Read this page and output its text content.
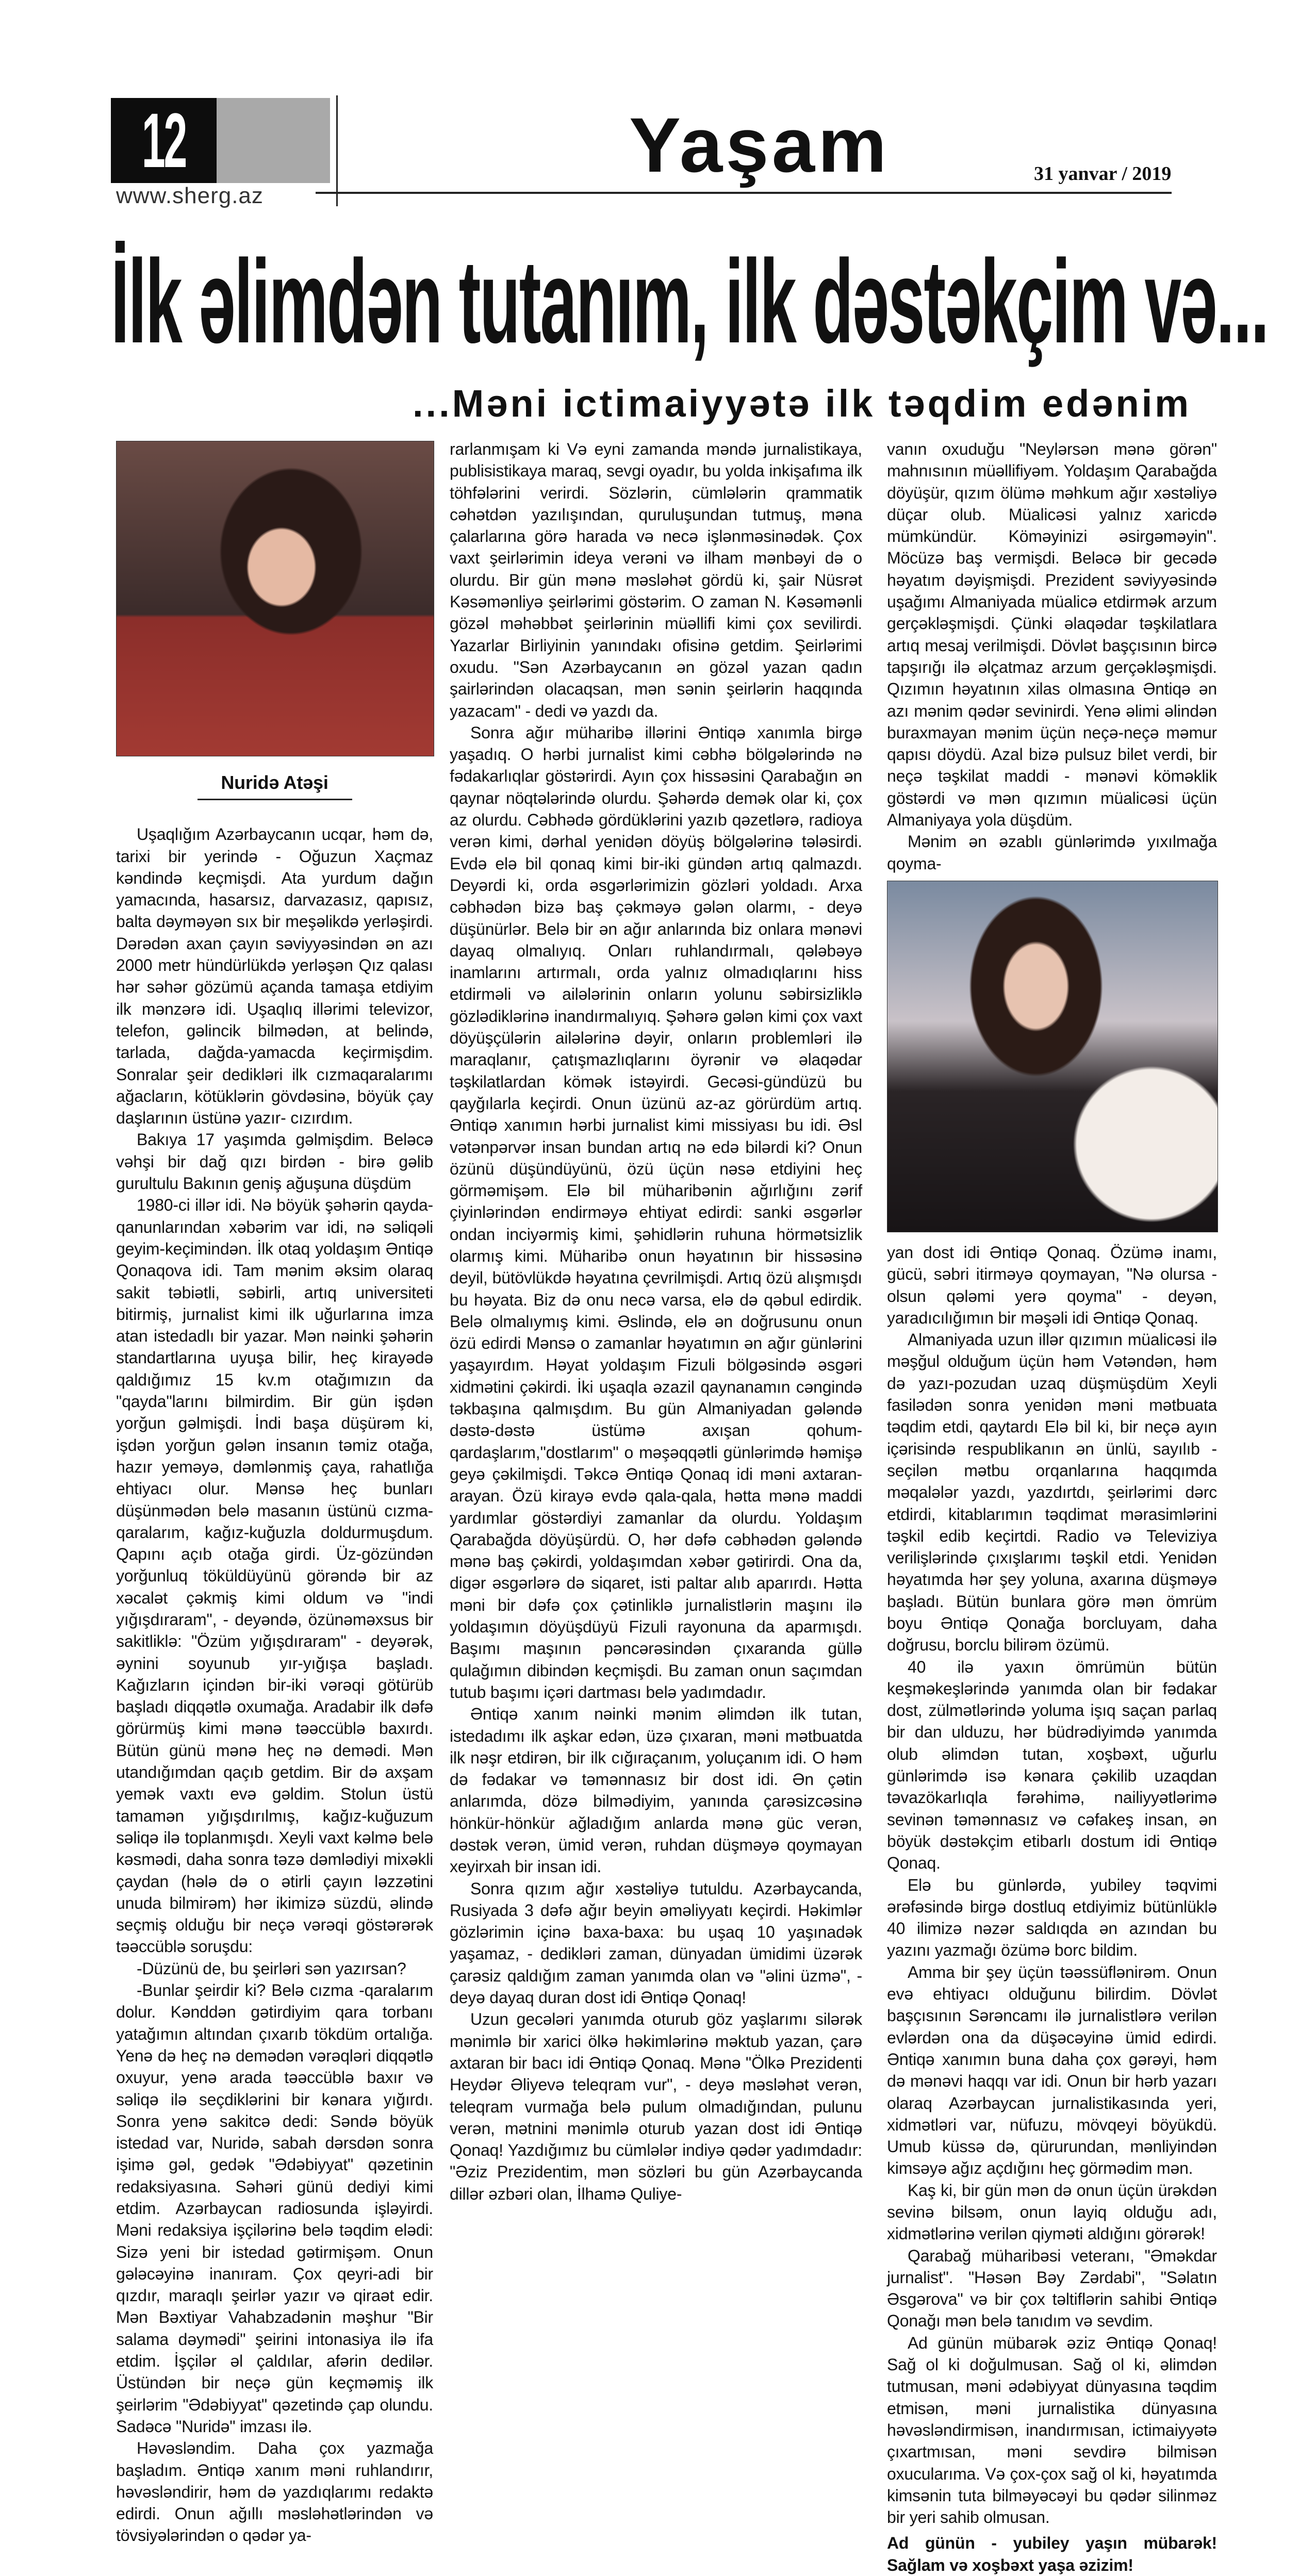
12
www.sherg.az
Yaşam	31 yanvar / 2019
İlk əlimdən tutanım, ilk dəstəkçim və...
...Məni ictimaiyyətə ilk təqdim edənim
Nuridə Atəşi

Uşaqlığım Azərbaycanın ucqar, həm də, tarixi bir yerində - Oğuzun Xaçmaz kəndində keçmişdi. Ata yurdum dağın yamacında, hasarsız, darvazasız, qapısız, balta dəyməyən sıx bir meşəlikdə yerləşirdi. Dərədən axan çayın səviyyəsindən ən azı 2000 metr hündürlükdə yerləşən Qız qalası hər səhər gözümü açanda tamaşa etdiyim ilk mənzərə idi. Uşaqlıq illərimi televizor, telefon, gəlincik bilmədən, at belində, tarlada, dağda-yamacda keçirmişdim. Sonralar şeir dedikləri ilk cızmaqaralarımı ağacların, kötüklərin gövdəsinə, böyük çay daşlarının üstünə yazır- cızırdım.

Bakıya 17 yaşımda gəlmişdim. Beləcə vəhşi bir dağ qızı birdən - birə gəlib gurultulu Bakının geniş ağuşuna düşdüm

1980-ci illər idi. Nə böyük şəhərin qayda-qanunlarından xəbərim var idi, nə səliqəli geyim-keçimindən. İlk otaq yoldaşım Əntiqə Qonaqova idi. Tam mənim əksim olaraq sakit təbiətli, səbirli, artıq universiteti bitirmiş, jurnalist kimi ilk uğurlarına imza atan istedadlı bir yazar. Mən nəinki şəhərin standartlarına uyuşa bilir, heç kirayədə qaldığımız 15 kv.m otağımızın da "qayda"larını bilmirdim. Bir gün işdən yorğun gəlmişdi. İndi başa düşürəm ki, işdən yorğun gələn insanın təmiz otağa, hazır yeməyə, dəmlənmiş çaya, rahatlığa ehtiyacı olur. Mənsə heç bunları düşünmədən belə masanın üstünü cızma-qaralarım, kağız-kuğuzla doldurmuşdum. Qapını açıb otağa girdi. Üz-gözündən yorğunluq töküldüyünü görəndə bir az xəcalət çəkmiş kimi oldum və "indi yığışdıraram", - deyəndə, özünəməxsus bir sakitliklə: "Özüm yığışdıraram" - deyərək, əynini soyunub yır-yığışa başladı. Kağızların içindən bir-iki vərəqi götürüb başladı diqqətlə oxumağa. Aradabir ilk dəfə görürmüş kimi mənə təəccüblə baxırdı. Bütün günü mənə heç nə demədi. Mən utandığımdan qaçıb getdim. Bir də axşam yemək vaxtı evə gəldim. Stolun üstü tamamən yığışdırılmış, kağız-kuğuzum səliqə ilə toplanmışdı. Xeyli vaxt kəlmə belə kəsmədi, daha sonra təzə dəmlədiyi mixəkli çaydan (hələ də o ətirli çayın ləzzətini unuda bilmirəm) hər ikimizə süzdü, əlində seçmiş olduğu bir neçə vərəqi göstərərək təəccüblə soruşdu:

-Düzünü de, bu şeirləri sən yazırsan?

-Bunlar şeirdir ki? Belə cızma -qaralarım dolur. Kənddən gətirdiyim qara torbanı yatağımın altından çıxarıb tökdüm ortalığa. Yenə də heç nə demədən vərəqləri diqqətlə oxuyur, yenə arada təəccüblə baxır və səliqə ilə seçdiklərini bir kənara yığırdı. Sonra yenə sakitcə dedi: Səndə böyük istedad var, Nuridə, sabah dərsdən sonra işimə gəl, gedək "Ədəbiyyat" qəzetinin redaksiyasına. Səhəri günü dediyi kimi etdim. Azərbaycan radiosunda işləyirdi. Məni redaksiya işçilərinə belə təqdim elədi: Sizə yeni bir istedad gətirmişəm. Onun gələcəyinə inanıram. Çox qeyri-adi bir qızdır, maraqlı şeirlər yazır və qiraət edir. Mən Bəxtiyar Vahabzadənin məşhur "Bir salama dəymədi" şeirini intonasiya ilə ifa etdim. İşçilər əl çaldılar, afərin dedilər. Üstündən bir neçə gün keçməmiş ilk şeirlərim "Ədəbiyyat" qəzetində çap olundu. Sadəcə "Nuridə" imzası ilə.

Həvəsləndim. Daha çox yazmağa başladım. Əntiqə xanım məni ruhlandırır, həvəsləndirir, həm də yazdıqlarımı redaktə edirdi. Onun ağıllı məsləhətlərindən və tövsiyələrindən o qədər ya-

rarlanmışam ki Və eyni zamanda məndə jurnalistikaya, publisistikaya maraq, sevgi oyadır, bu yolda inkişafıma ilk töhfələrini verirdi. Sözlərin, cümlələrin qrammatik cəhətdən yazılışından, quruluşundan tutmuş, məna çalarlarına görə harada və necə işlənməsinədək. Çox vaxt şeirlərimin ideya verəni və ilham mənbəyi də o olurdu. Bir gün mənə məsləhət gördü ki, şair Nüsrət Kəsəmənliyə şeirlərimi göstərim. O zaman N. Kəsəmənli gözəl məhəbbət şeirlərinin müəllifi kimi çox sevilirdi. Yazarlar Birliyinin yanındakı ofisinə getdim. Şeirlərimi oxudu. "Sən Azərbaycanın ən gözəl yazan qadın şairlərindən olacaqsan, mən sənin şeirlərin haqqında yazacam" - dedi və yazdı da.

Sonra ağır müharibə illərini Əntiqə xanımla birgə yaşadıq. O hərbi jurnalist kimi cəbhə bölgələrində nə fədakarlıqlar göstərirdi. Ayın çox hissəsini Qarabağın ən qaynar nöqtələrində olurdu. Şəhərdə demək olar ki, çox az olurdu. Cəbhədə gördüklərini yazıb qəzetlərə, radioya verən kimi, dərhal yenidən döyüş bölgələrinə tələsirdi. Evdə elə bil qonaq kimi bir-iki gündən artıq qalmazdı. Deyərdi ki, orda əsgərlərimizin gözləri yoldadı. Arxa cəbhədən bizə baş çəkməyə gələn olarmı, - deyə düşünürlər. Belə bir ən ağır anlarında biz onlara mənəvi dayaq olmalıyıq. Onları ruhlandırmalı, qələbəyə inamlarını artırmalı, orda yalnız olmadıqlarını hiss etdirməli və ailələrinin onların yolunu səbirsizliklə gözlədiklərinə inandırmalıyıq. Şəhərə gələn kimi çox vaxt döyüşçülərin ailələrinə dəyir, onların problemləri ilə maraqlanır, çatışmazlıqlarını öyrənir və əlaqədar təşkilatlardan kömək istəyirdi. Gecəsi-gündüzü bu qayğılarla keçirdi. Onun üzünü az-az görürdüm artıq. Əntiqə xanımın hərbi jurnalist kimi missiyası bu idi. Əsl vətənpərvər insan bundan artıq nə edə bilərdi ki? Onun özünü düşündüyünü, özü üçün nəsə etdiyini heç görməmişəm. Elə bil müharibənin ağırlığını zərif çiyinlərindən endirməyə ehtiyat edirdi: sanki əsgərlər ondan inciyərmiş kimi, şəhidlərin ruhuna hörmətsizlik olarmış kimi. Müharibə onun həyatının bir hissəsinə deyil, bütövlükdə həyatına çevrilmişdi. Artıq özü alışmışdı bu həyata. Biz də onu necə varsa, elə də qəbul edirdik. Belə olmalıymış kimi. Əslində, elə ən doğrusunu onun özü edirdi Mənsə o zamanlar həyatımın ən ağır günlərini yaşayırdım. Həyat yoldaşım Fizuli bölgəsində əsgəri xidmətini çəkirdi. İki uşaqla əzazil qaynanamın cəngində təkbaşına qalmışdım. Bu gün Almaniyadan gələndə dəstə-dəstə üstümə axışan qohum-qardaşlarım,"dostlarım" o məşəqqətli günlərimdə həmişə geyə çəkilmişdi. Təkcə Əntiqə Qonaq idi məni axtaran-arayan. Özü kirayə evdə qala-qala, hətta mənə maddi yardımlar göstərdiyi zamanlar da olurdu. Yoldaşım Qarabağda döyüşürdü. O, hər dəfə cəbhədən gələndə mənə baş çəkirdi, yoldaşımdan xəbər gətirirdi. Ona da, digər əsgərlərə də siqaret, isti paltar alıb aparırdı. Hətta məni bir dəfə çox çətinliklə jurnalistlərin maşını ilə yoldaşımın döyüşdüyü Fizuli rayonuna da aparmışdı. Başımı maşının pəncərəsindən çıxaranda güllə qulağımın dibindən keçmişdi. Bu zaman onun saçımdan tutub başımı içəri dartması belə yadımdadır.

Əntiqə xanım nəinki mənim əlimdən ilk tutan, istedadımı ilk aşkar edən, üzə çıxaran, məni mətbuatda ilk nəşr etdirən, bir ilk cığıraçanım, yoluçanım idi. O həm də fədakar və təmənnasız bir dost idi. Ən çətin anlarımda, dözə bilmədiyim, yanında çarəsizcəsinə hönkür-hönkür ağladığım anlarda mənə güc verən, dəstək verən, ümid verən, ruhdan düşməyə qoymayan xeyirxah bir insan idi.

Sonra qızım ağır xəstəliyə tutuldu. Azərbaycanda, Rusiyada 3 dəfə ağır beyin əməliyyatı keçirdi. Həkimlər gözlərimin içinə baxa-baxa: bu uşaq 10 yaşınadək yaşamaz, - dedikləri zaman, dünyadan ümidimi üzərək çarəsiz qaldığım zaman yanımda olan və "əlini üzmə", - deyə dayaq duran dost idi Əntiqə Qonaq!

Uzun gecələri yanımda oturub göz yaşlarımı silərək mənimlə bir xarici ölkə həkimlərinə məktub yazan, çarə axtaran bir bacı idi Əntiqə Qonaq. Mənə "Ölkə Prezidenti Heydər Əliyevə teleqram vur", - deyə məsləhət verən, teleqram vurmağa belə pulum olmadığından, pulunu verən, mətnini mənimlə oturub yazan dost idi Əntiqə Qonaq! Yazdığımız bu cümlələr indiyə qədər yadımdadır: "Əziz Prezidentim, mən sözləri bu gün Azərbaycanda dillər əzbəri olan, İlhamə Quliye-

vanın oxuduğu "Neylərsən mənə görən" mahnısının müəllifiyəm. Yoldaşım Qarabağda döyüşür, qızım ölümə məhkum ağır xəstəliyə düçar olub. Müalicəsi yalnız xaricdə mümkündür. Köməyinizi əsirgəməyin". Möcüzə baş vermişdi. Beləcə bir gecədə həyatım dəyişmişdi. Prezident səviyyəsində uşağımı Almaniyada müalicə etdirmək arzum gerçəkləşmişdi. Çünki əlaqədar təşkilatlara artıq mesaj verilmişdi. Dövlət başçısının bircə tapşırığı ilə əlçatmaz arzum gerçəkləşmişdi. Qızımın həyatının xilas olmasına Əntiqə ən azı mənim qədər sevinirdi. Yenə əlimi əlindən buraxmayan mənim üçün neçə-neçə məmur qapısı döydü. Azal bizə pulsuz bilet verdi, bir neçə təşkilat maddi - mənəvi köməklik göstərdi və mən qızımın müalicəsi üçün Almaniyaya yola düşdüm.

Mənim ən əzablı günlərimdə yıxılmağa qoyma-

yan dost idi Əntiqə Qonaq. Özümə inamı, gücü, səbri itirməyə qoymayan, "Nə olursa - olsun qələmi yerə qoyma" - deyən, yaradıcılığımın bir məşəli idi Əntiqə Qonaq.

Almaniyada uzun illər qızımın müalicəsi ilə məşğul olduğum üçün həm Vətəndən, həm də yazı-pozudan uzaq düşmüşdüm Xeyli fasilədən sonra yenidən məni mətbuata təqdim etdi, qaytardı Elə bil ki, bir neçə ayın içərisində respublikanın ən ünlü, sayılıb - seçilən mətbu orqanlarına haqqımda məqalələr yazdı, yazdırtdı, şeirlərimi dərc etdirdi, kitablarımın təqdimat mərasimlərini təşkil edib keçirtdi. Radio və Televiziya verilişlərində çıxışlarımı təşkil etdi. Yenidən həyatımda hər şey yoluna, axarına düşməyə başladı. Bütün bunlara görə mən ömrüm boyu Əntiqə Qonağa borcluyam, daha doğrusu, borclu bilirəm özümü.

40 ilə yaxın ömrümün bütün keşməkeşlərində yanımda olan bir fədakar dost, zülmətlərində yoluma işıq saçan parlaq bir dan ulduzu, hər büdrədiyimdə yanımda olub əlimdən tutan, xoşbəxt, uğurlu günlərimdə isə kənara çəkilib uzaqdan təvazökarlıqla fərəhimə, nailiyyətlərimə sevinən təmənnasız və cəfakeş insan, ən böyük dəstəkçim etibarlı dostum idi Əntiqə Qonaq.

Elə bu günlərdə, yubiley təqvimi ərəfəsində birgə dostluq etdiyimiz bütünlüklə 40 ilimizə nəzər saldıqda ən azından bu yazını yazmağı özümə borc bildim.

Amma bir şey üçün təəssüflənirəm. Onun evə ehtiyacı olduğunu bilirdim. Dövlət başçısının Sərəncamı ilə jurnalistlərə verilən evlərdən ona da düşəcəyinə ümid edirdi. Əntiqə xanımın buna daha çox gərəyi, həm də mənəvi haqqı var idi. Onun bir hərb yazarı olaraq Azərbaycan jurnalistikasında yeri, xidmətləri var, nüfuzu, mövqeyi böyükdü. Umub küssə də, qürurundan, mənliyindən kimsəyə ağız açdığını heç görmədim mən.

Kaş ki, bir gün mən də onun üçün ürəkdən sevinə bilsəm, onun layiq olduğu adı, xidmətlərinə verilən qiyməti aldığını görərək!

Qarabağ müharibəsi veteranı, "Əməkdar jurnalist". "Həsən Bəy Zərdabi", "Səlatın Əsgərova" və bir çox təltiflərin sahibi Əntiqə Qonağı mən belə tanıdım və sevdim.

Ad günün mübarək əziz Əntiqə Qonaq! Sağ ol ki doğulmusan. Sağ ol ki, əlimdən tutmusan, məni ədəbiyyat dünyasına təqdim etmisən, məni jurnalistika dünyasına həvəsləndirmisən, inandırmısan, ictimaiyyətə çıxartmısan, məni sevdirə bilmisən oxucularıma. Və çox-çox sağ ol ki, həyatımda kimsənin tuta bilməyəcəyi bu qədər silinməz bir yeri sahib olmusan.

Ad günün - yubiley yaşın mübarək! Sağlam və xoşbəxt yaşa əzizim!
